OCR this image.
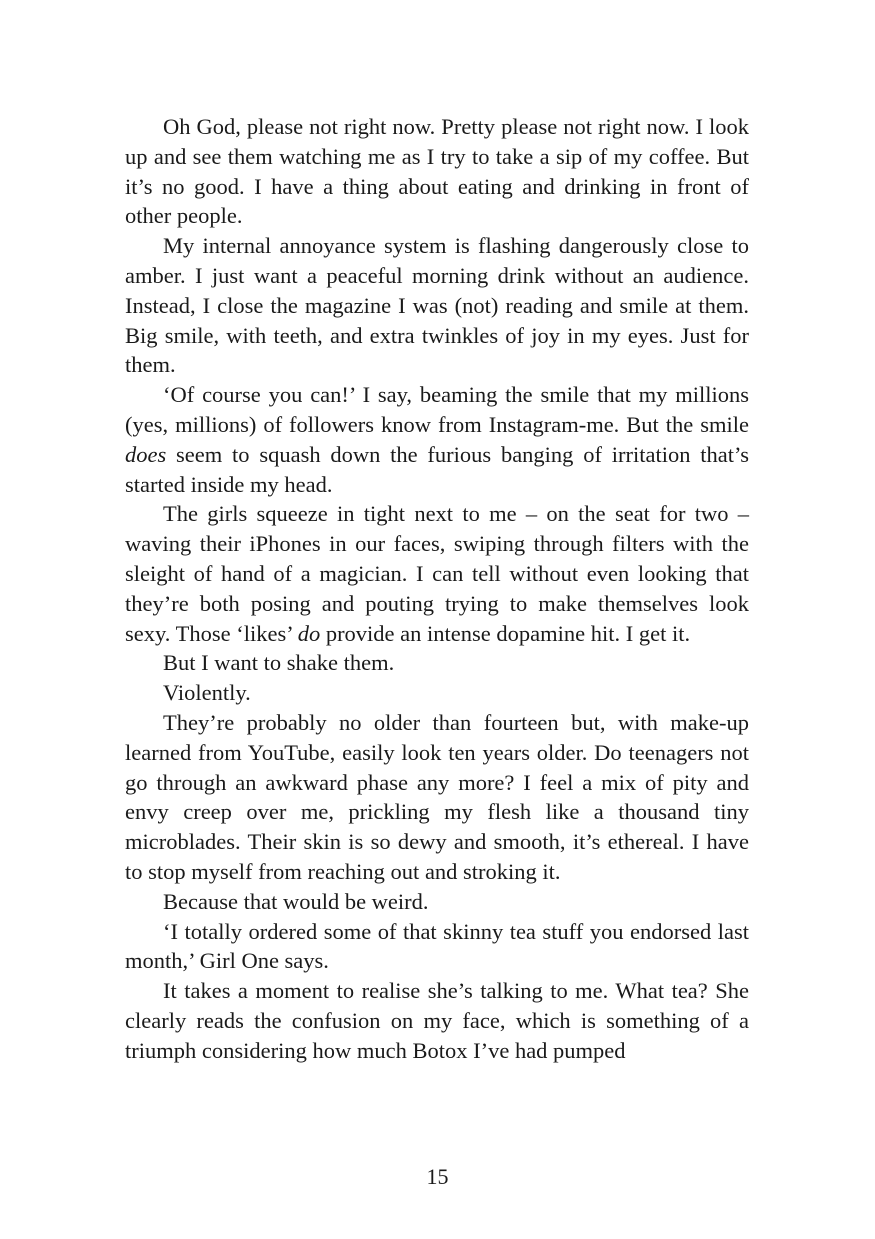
Oh God, please not right now. Pretty please not right now. I look up and see them watching me as I try to take a sip of my coffee. But it’s no good. I have a thing about eating and drinking in front of other people.

My internal annoyance system is flashing dangerously close to amber. I just want a peaceful morning drink without an audience. Instead, I close the magazine I was (not) reading and smile at them. Big smile, with teeth, and extra twinkles of joy in my eyes. Just for them.

‘Of course you can!’ I say, beaming the smile that my millions (yes, millions) of followers know from Instagram-me. But the smile does seem to squash down the furious banging of irritation that’s started inside my head.

The girls squeeze in tight next to me – on the seat for two – waving their iPhones in our faces, swiping through filters with the sleight of hand of a magician. I can tell without even looking that they’re both posing and pouting trying to make themselves look sexy. Those ‘likes’ do provide an intense dopamine hit. I get it.

But I want to shake them.

Violently.

They’re probably no older than fourteen but, with make-up learned from YouTube, easily look ten years older. Do teenagers not go through an awkward phase any more? I feel a mix of pity and envy creep over me, prickling my flesh like a thousand tiny microblades. Their skin is so dewy and smooth, it’s ethereal. I have to stop myself from reaching out and stroking it.

Because that would be weird.

‘I totally ordered some of that skinny tea stuff you endorsed last month,’ Girl One says.

It takes a moment to realise she’s talking to me. What tea? She clearly reads the confusion on my face, which is something of a triumph considering how much Botox I’ve had pumped

15
